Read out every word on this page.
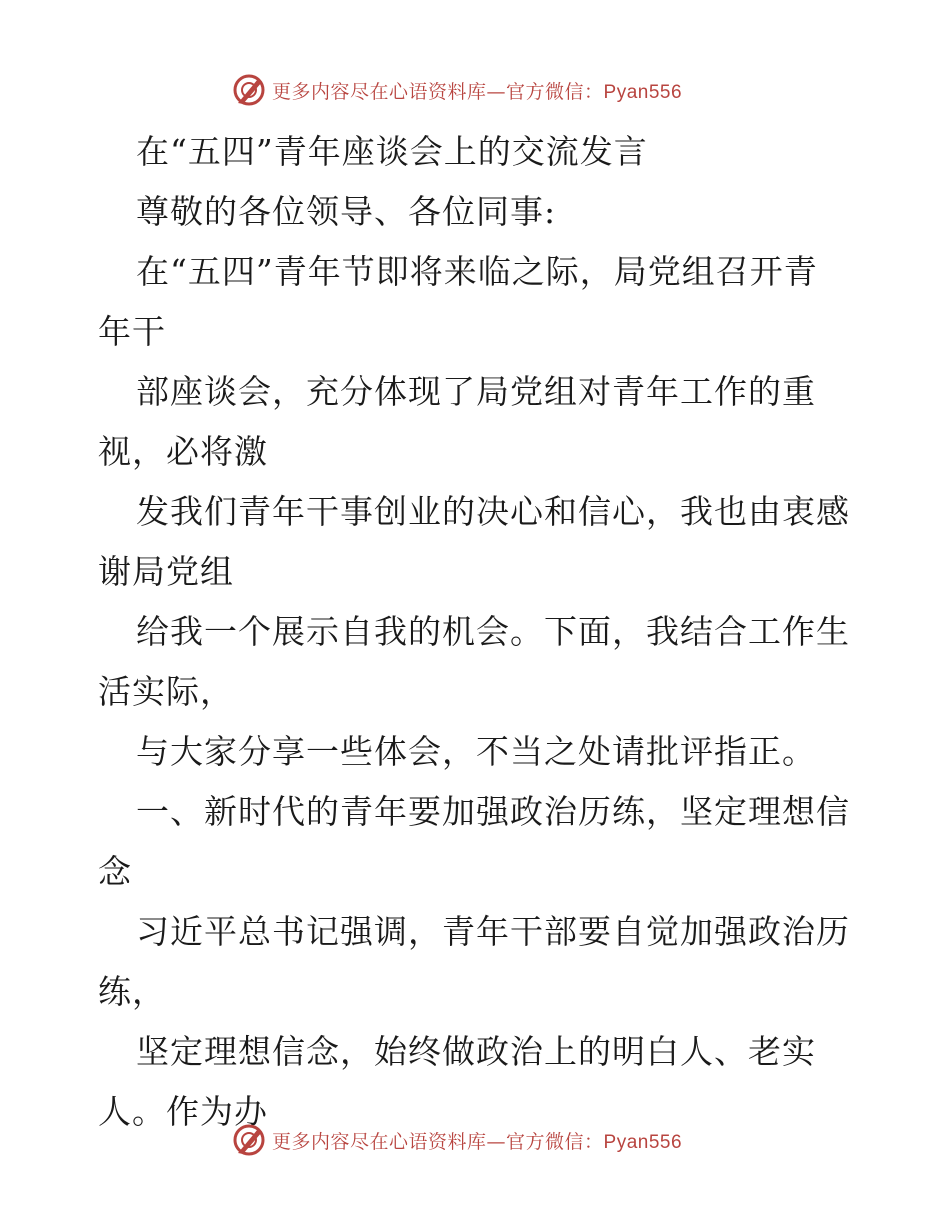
更多内容尽在心语资料库—官方微信：Pyan556
在“五四”青年座谈会上的交流发言
尊敬的各位领导、各位同事:
在“五四”青年节即将来临之际，局党组召开青
年干
部座谈会，充分体现了局党组对青年工作的重
视，必将激
发我们青年干事创业的决心和信心，我也由衷感
谢局党组
给我一个展示自我的机会。下面，我结合工作生
活实际，
与大家分享一些体会，不当之处请批评指正。
一、新时代的青年要加强政治历练，坚定理想信
念
习近平总书记强调，青年干部要自觉加强政治历
练，
坚定理想信念，始终做政治上的明白人、老实
人。作为办
更多内容尽在心语资料库—官方微信：Pyan556
